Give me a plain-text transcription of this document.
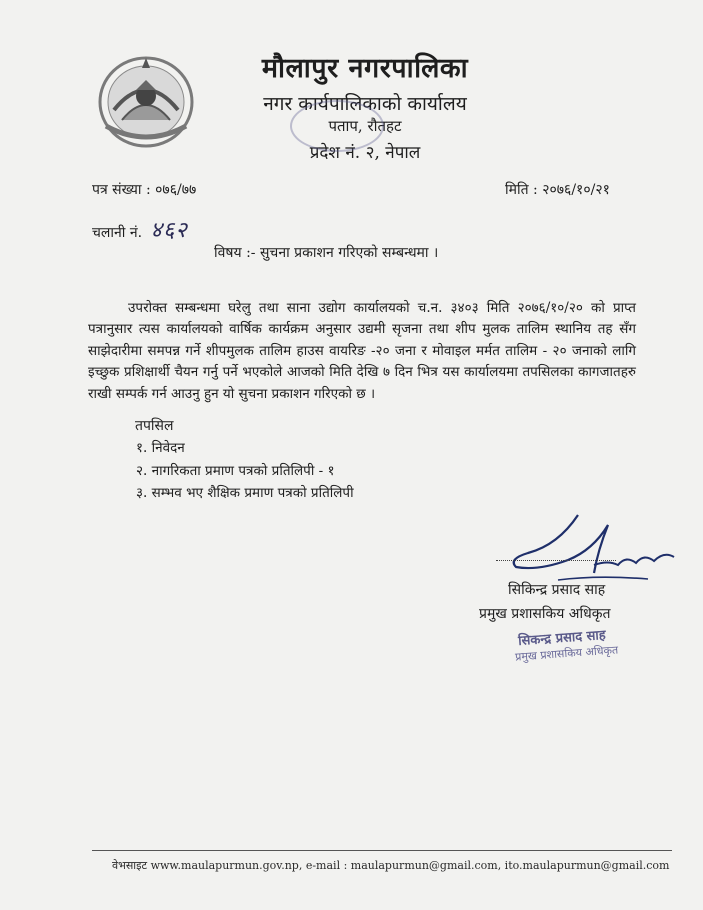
मौलापुर नगरपालिका
नगर कार्यपालिकाको कार्यालय
पताप, रौतहट
प्रदेश नं. २, नेपाल
पत्र संख्या : ०७६/७७	मिति : २०७६/१०/२१
चलानी नं. ४६२
विषय :- सुचना प्रकाशन गरिएको सम्बन्धमा ।

उपरोक्त सम्बन्धमा घरेलु तथा साना उद्योग कार्यालयको च.न. ३४०३ मिति २०७६/१०/२० को प्राप्त पत्रानुसार त्यस कार्यालयको वार्षिक कार्यक्रम अनुसार उद्यमी सृजना तथा शीप मुलक तालिम स्थानिय तह सँग साझेदारीमा समपन्न गर्ने शीपमुलक तालिम हाउस वायरिङ -२० जना र मोवाइल मर्मत तालिम - २० जनाको लागि इच्छुक प्रशिक्षार्थी चैयन गर्नु पर्ने भएकोले आजको मिति देखि ७ दिन भित्र यस कार्यालयमा तपसिलका कागजातहरु राखी सम्पर्क गर्न आउनु हुन यो सुचना प्रकाशन गरिएको छ ।

तपसिल
१. निवेदन
२. नागरिकता प्रमाण पत्रको प्रतिलिपी - १
३. सम्भव भए शैक्षिक प्रमाण पत्रको प्रतिलिपी
सिकिन्द्र प्रसाद साह
प्रमुख प्रशासकिय अधिकृत
सिकन्द्र प्रसाद साह
प्रमुख प्रशासकिय अधिकृत
वेभसाइट www.maulapurmun.gov.np, e-mail : maulapurmun@gmail.com, ito.maulapurmun@gmail.com
